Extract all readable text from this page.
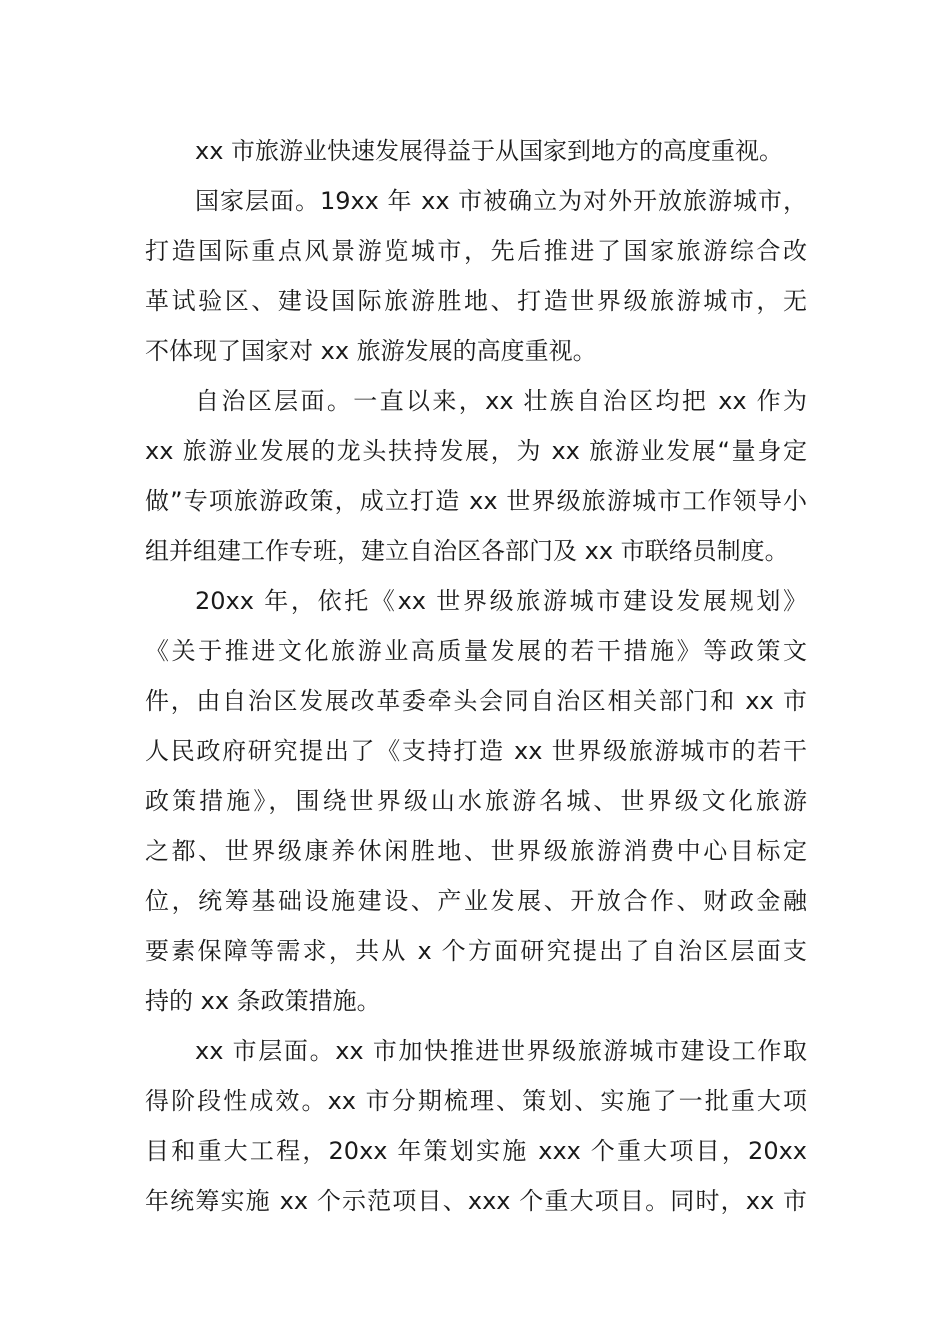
xx 市旅游业快速发展得益于从国家到地方的高度重视。
国家层面。19xx 年 xx 市被确立为对外开放旅游城市，
打造国际重点风景游览城市，先后推进了国家旅游综合改
革试验区、建设国际旅游胜地、打造世界级旅游城市，无
不体现了国家对 xx 旅游发展的高度重视。
自治区层面。一直以来，xx 壮族自治区均把 xx 作为
xx 旅游业发展的龙头扶持发展，为 xx 旅游业发展“量身定
做”专项旅游政策，成立打造 xx 世界级旅游城市工作领导小
组并组建工作专班，建立自治区各部门及 xx 市联络员制度。
20xx 年，依托《xx 世界级旅游城市建设发展规划》
《关于推进文化旅游业高质量发展的若干措施》等政策文
件，由自治区发展改革委牵头会同自治区相关部门和 xx 市
人民政府研究提出了《支持打造 xx 世界级旅游城市的若干
政策措施》，围绕世界级山水旅游名城、世界级文化旅游
之都、世界级康养休闲胜地、世界级旅游消费中心目标定
位，统筹基础设施建设、产业发展、开放合作、财政金融
要素保障等需求，共从 x 个方面研究提出了自治区层面支
持的 xx 条政策措施。
xx 市层面。xx 市加快推进世界级旅游城市建设工作取
得阶段性成效。xx 市分期梳理、策划、实施了一批重大项
目和重大工程，20xx 年策划实施 xxx 个重大项目，20xx
年统筹实施 xx 个示范项目、xxx 个重大项目。同时，xx 市
